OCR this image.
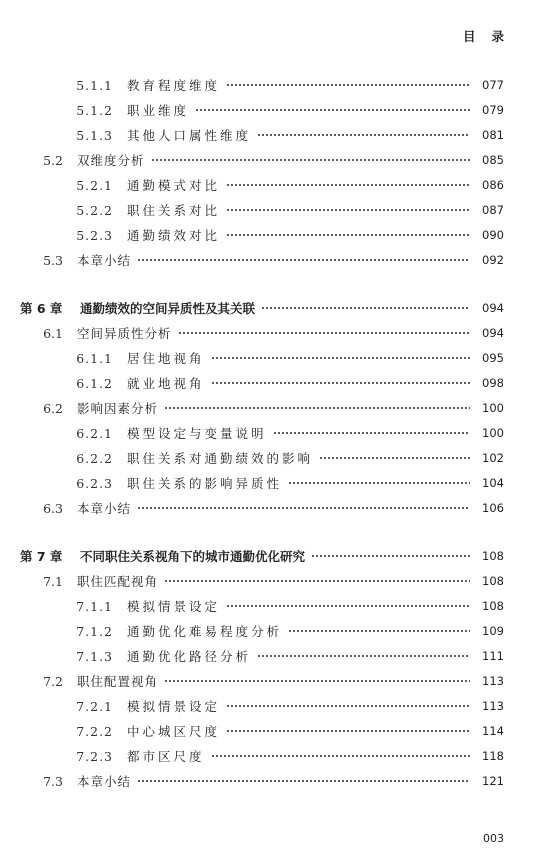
目录
5.1.1 教育程度维度	077
5.1.2 职业维度	079
5.1.3 其他人口属性维度	081
5.2 双维度分析	085
5.2.1 通勤模式对比	086
5.2.2 职住关系对比	087
5.2.3 通勤绩效对比	090
5.3 本章小结	092
第 6 章	通勤绩效的空间异质性及其关联	094
6.1 空间异质性分析	094
6.1.1 居住地视角	095
6.1.2 就业地视角	098
6.2 影响因素分析	100
6.2.1 模型设定与变量说明	100
6.2.2 职住关系对通勤绩效的影响	102
6.2.3 职住关系的影响异质性	104
6.3 本章小结	106
第 7 章	不同职住关系视角下的城市通勤优化研究	108
7.1 职住匹配视角	108
7.1.1 模拟情景设定	108
7.1.2 通勤优化难易程度分析	109
7.1.3 通勤优化路径分析	111
7.2 职住配置视角	113
7.2.1 模拟情景设定	113
7.2.2 中心城区尺度	114
7.2.3 都市区尺度	118
7.3 本章小结	121
003
